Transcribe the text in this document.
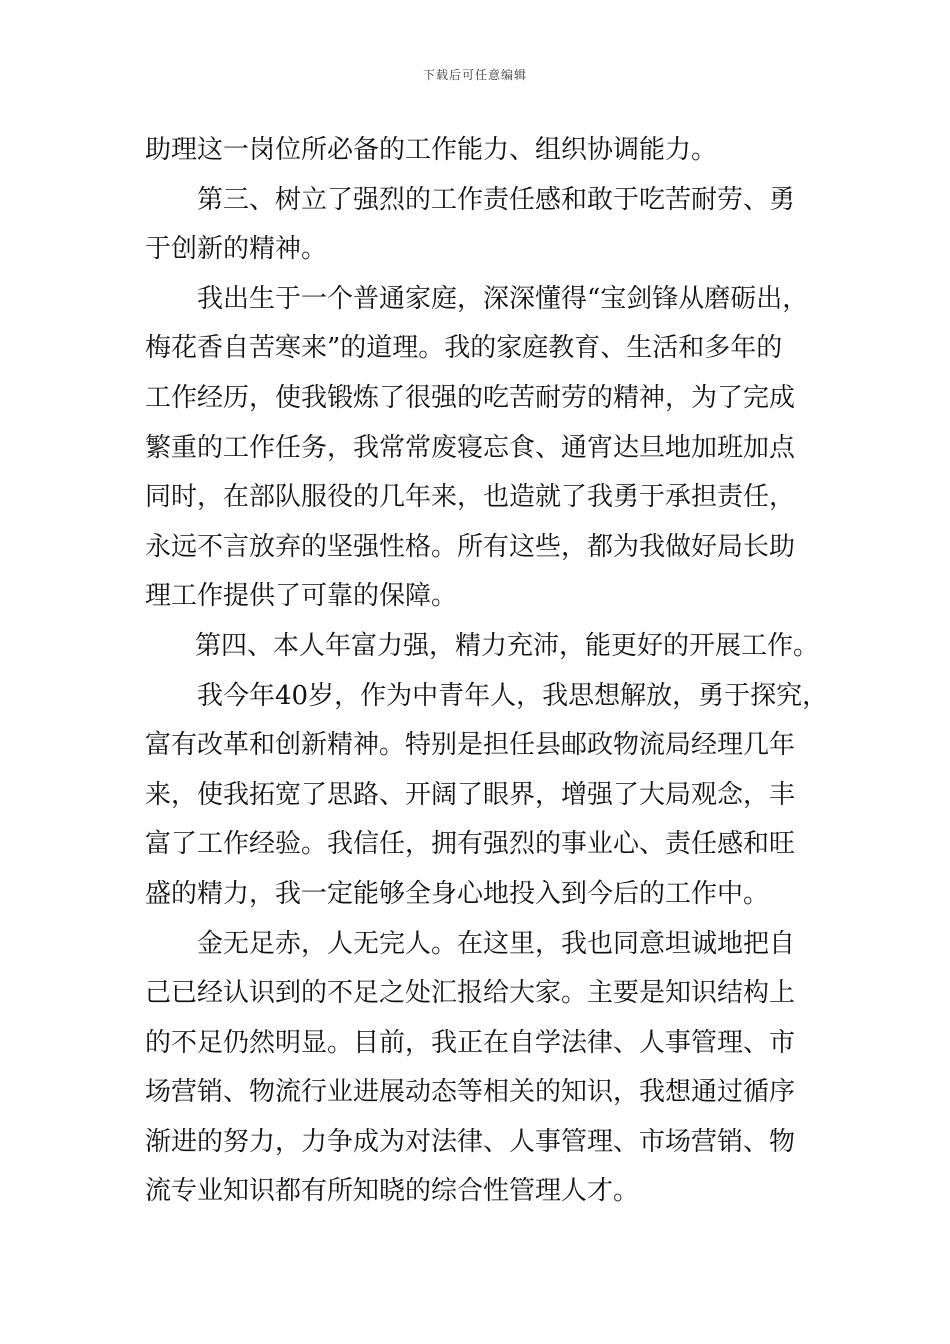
下载后可任意编辑
助理这一岗位所必备的工作能力、组织协调能力。
第三、树立了强烈的工作责任感和敢于吃苦耐劳、勇
于创新的精神。
我出生于一个普通家庭，深深懂得“宝剑锋从磨砺出，
梅花香自苦寒来”的道理。我的家庭教育、生活和多年的
工作经历，使我锻炼了很强的吃苦耐劳的精神，为了完成
繁重的工作任务，我常常废寝忘食、通宵达旦地加班加点
同时，在部队服役的几年来，也造就了我勇于承担责任，
永远不言放弃的坚强性格。所有这些，都为我做好局长助
理工作提供了可靠的保障。
第四、本人年富力强，精力充沛，能更好的开展工作。
我今年40岁，作为中青年人，我思想解放，勇于探究，
富有改革和创新精神。特别是担任县邮政物流局经理几年
来，使我拓宽了思路、开阔了眼界，增强了大局观念，丰
富了工作经验。我信任，拥有强烈的事业心、责任感和旺
盛的精力，我一定能够全身心地投入到今后的工作中。
金无足赤，人无完人。在这里，我也同意坦诚地把自
己已经认识到的不足之处汇报给大家。主要是知识结构上
的不足仍然明显。目前，我正在自学法律、人事管理、市
场营销、物流行业进展动态等相关的知识，我想通过循序
渐进的努力，力争成为对法律、人事管理、市场营销、物
流专业知识都有所知晓的综合性管理人才。
